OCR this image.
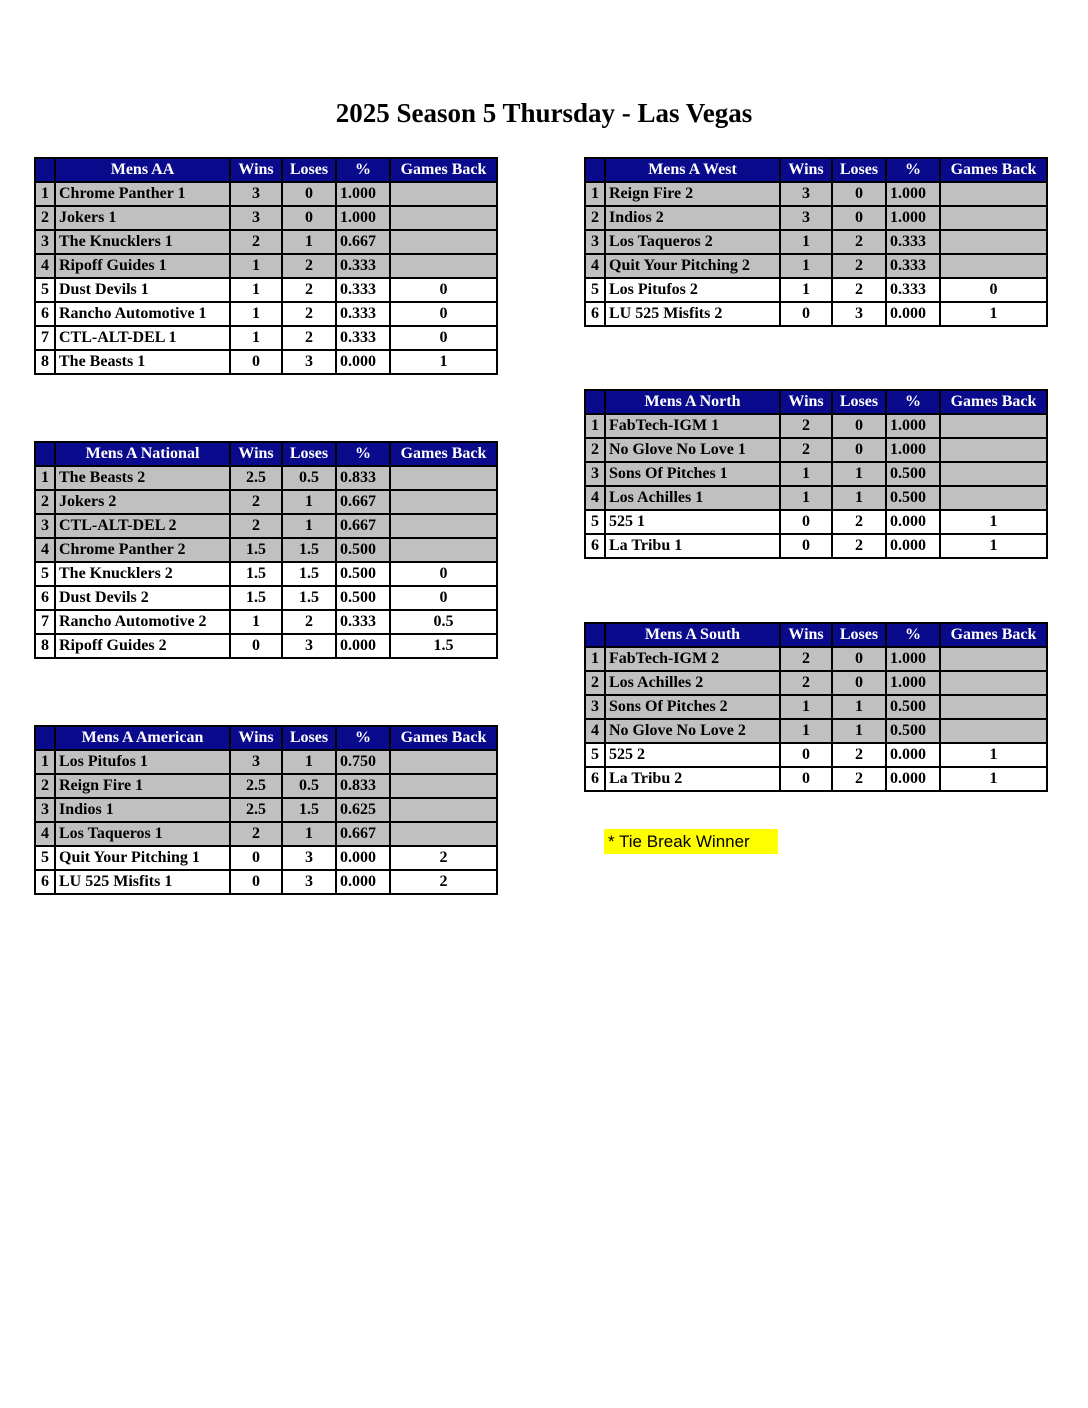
2025 Season 5 Thursday - Las Vegas
	Mens AA	Wins	Loses	%	Games Back
1	Chrome Panther 1	3	0	1.000	
2	Jokers 1	3	0	1.000	
3	The Knucklers 1	2	1	0.667	
4	Ripoff Guides 1	1	2	0.333	
5	Dust Devils 1	1	2	0.333	0
6	Rancho Automotive 1	1	2	0.333	0
7	CTL-ALT-DEL 1	1	2	0.333	0
8	The Beasts 1	0	3	0.000	1
	Mens A National	Wins	Loses	%	Games Back
1	The Beasts 2	2.5	0.5	0.833	
2	Jokers 2	2	1	0.667	
3	CTL-ALT-DEL 2	2	1	0.667	
4	Chrome Panther 2	1.5	1.5	0.500	
5	The Knucklers 2	1.5	1.5	0.500	0
6	Dust Devils 2	1.5	1.5	0.500	0
7	Rancho Automotive 2	1	2	0.333	0.5
8	Ripoff Guides 2	0	3	0.000	1.5
	Mens A American	Wins	Loses	%	Games Back
1	Los Pitufos 1	3	1	0.750	
2	Reign Fire 1	2.5	0.5	0.833	
3	Indios 1	2.5	1.5	0.625	
4	Los Taqueros 1	2	1	0.667	
5	Quit Your Pitching 1	0	3	0.000	2
6	LU 525 Misfits 1	0	3	0.000	2
	Mens A West	Wins	Loses	%	Games Back
1	Reign Fire 2	3	0	1.000	
2	Indios 2	3	0	1.000	
3	Los Taqueros 2	1	2	0.333	
4	Quit Your Pitching 2	1	2	0.333	
5	Los Pitufos 2	1	2	0.333	0
6	LU 525 Misfits 2	0	3	0.000	1
	Mens A North	Wins	Loses	%	Games Back
1	FabTech-IGM 1	2	0	1.000	
2	No Glove No Love 1	2	0	1.000	
3	Sons Of Pitches 1	1	1	0.500	
4	Los Achilles 1	1	1	0.500	
5	525 1	0	2	0.000	1
6	La Tribu 1	0	2	0.000	1
	Mens A South	Wins	Loses	%	Games Back
1	FabTech-IGM 2	2	0	1.000	
2	Los Achilles 2	2	0	1.000	
3	Sons Of Pitches 2	1	1	0.500	
4	No Glove No Love 2	1	1	0.500	
5	525 2	0	2	0.000	1
6	La Tribu 2	0	2	0.000	1
* Tie Break Winner
